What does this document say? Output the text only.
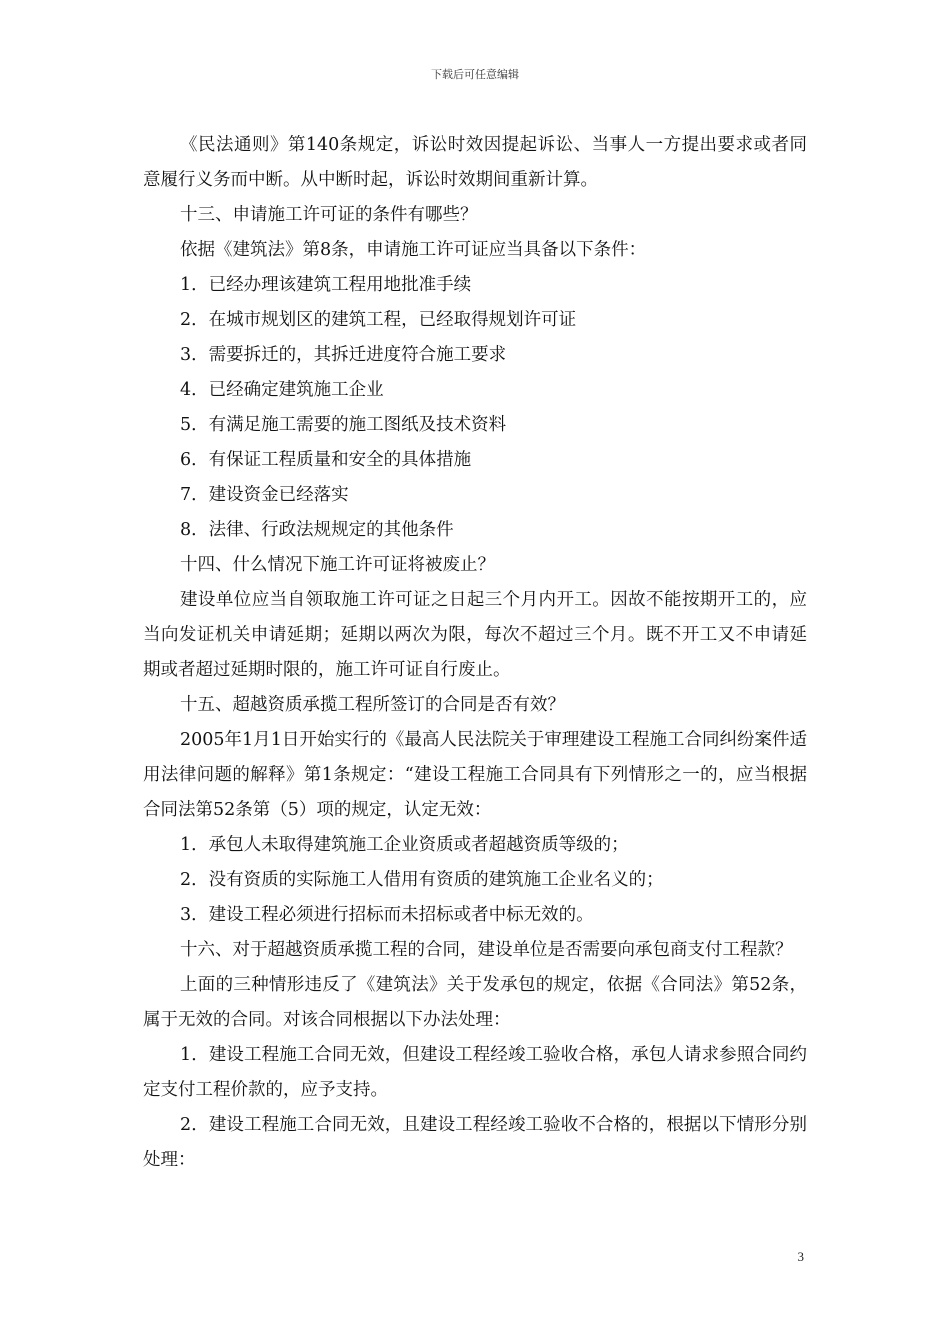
下载后可任意编辑

《民法通则》第140条规定，诉讼时效因提起诉讼、当事人一方提出要求或者同意履行义务而中断。从中断时起，诉讼时效期间重新计算。

十三、申请施工许可证的条件有哪些？

依据《建筑法》第8条，申请施工许可证应当具备以下条件：

1．已经办理该建筑工程用地批准手续

2．在城市规划区的建筑工程，已经取得规划许可证

3．需要拆迁的，其拆迁进度符合施工要求

4．已经确定建筑施工企业

5．有满足施工需要的施工图纸及技术资料

6．有保证工程质量和安全的具体措施

7．建设资金已经落实

8．法律、行政法规规定的其他条件

十四、什么情况下施工许可证将被废止？

建设单位应当自领取施工许可证之日起三个月内开工。因故不能按期开工的，应当向发证机关申请延期；延期以两次为限，每次不超过三个月。既不开工又不申请延期或者超过延期时限的，施工许可证自行废止。

十五、超越资质承揽工程所签订的合同是否有效？

2005年1月1日开始实行的《最高人民法院关于审理建设工程施工合同纠纷案件适用法律问题的解释》第1条规定：“建设工程施工合同具有下列情形之一的，应当根据合同法第52条第（5）项的规定，认定无效：

1．承包人未取得建筑施工企业资质或者超越资质等级的；

2．没有资质的实际施工人借用有资质的建筑施工企业名义的；

3．建设工程必须进行招标而未招标或者中标无效的。

十六、对于超越资质承揽工程的合同，建设单位是否需要向承包商支付工程款？

上面的三种情形违反了《建筑法》关于发承包的规定，依据《合同法》第52条，属于无效的合同。对该合同根据以下办法处理：

1．建设工程施工合同无效，但建设工程经竣工验收合格，承包人请求参照合同约定支付工程价款的，应予支持。

2．建设工程施工合同无效，且建设工程经竣工验收不合格的，根据以下情形分别处理：

3
